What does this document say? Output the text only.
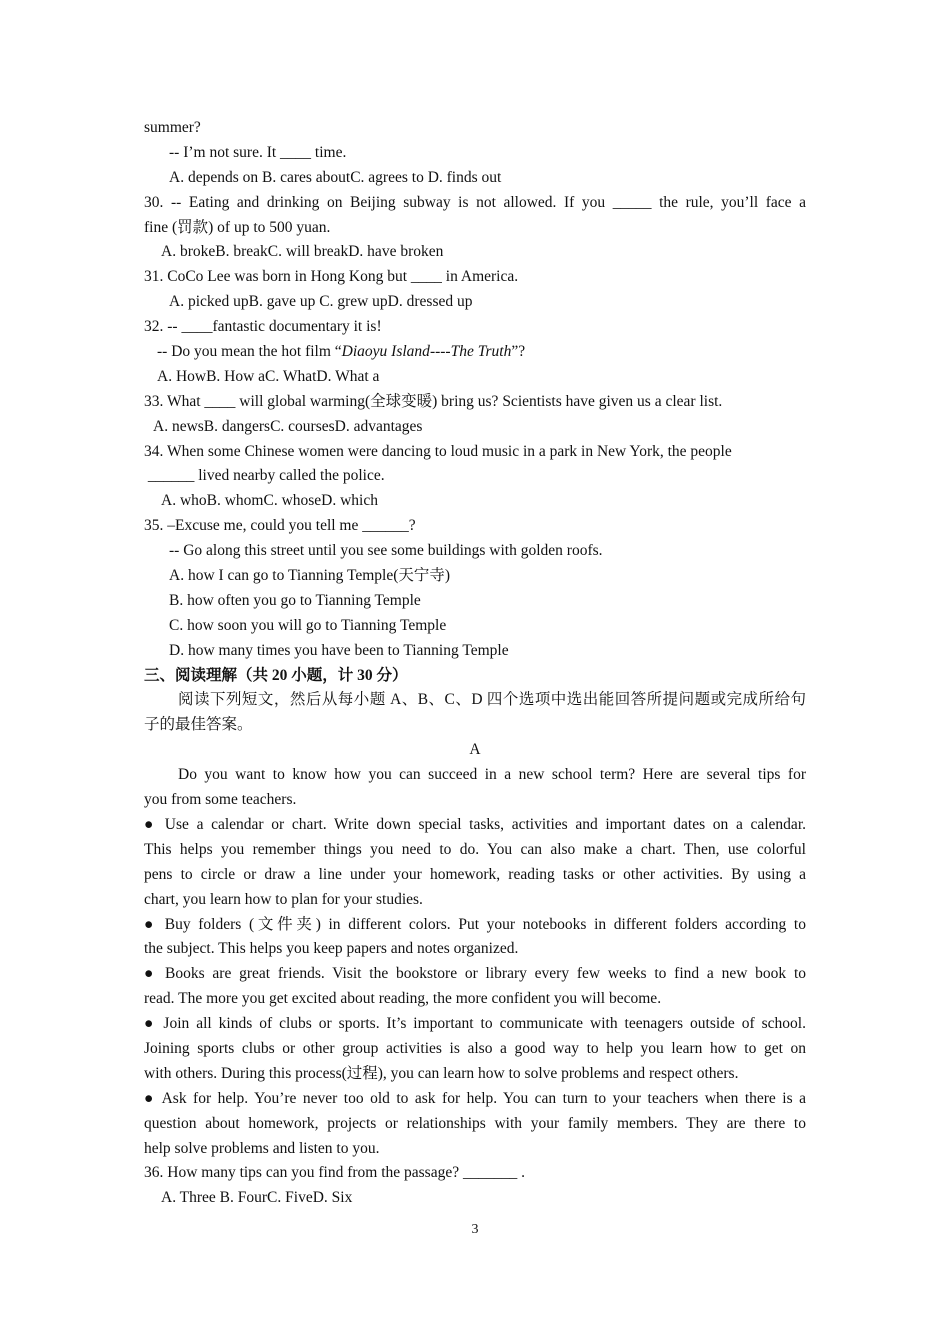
summer?
-- I’m not sure. It ____ time.
A. depends on B. cares aboutC. agrees to D. finds out
30. -- Eating and drinking on Beijing subway is not allowed. If you _____ the rule, you’ll face a
fine (罚款) of up to 500 yuan.
A. brokeB. breakC. will breakD. have broken
31. CoCo Lee was born in Hong Kong but ____ in America.
A. picked upB. gave up C. grew upD. dressed up
32. -- ____fantastic documentary it is!
-- Do you mean the hot film “Diaoyu Island----The Truth”?
A. HowB. How aC. WhatD. What a
33. What ____ will global warming(全球变暖) bring us? Scientists have given us a clear list.
A. newsB. dangersC. coursesD. advantages
34. When some Chinese women were dancing to loud music in a park in New York, the people
______ lived nearby called the police.
A. whoB. whomC. whoseD. which
35. –Excuse me, could you tell me ______?
-- Go along this street until you see some buildings with golden roofs.
A. how I can go to Tianning Temple(天宁寺)
B. how often you go to Tianning Temple
C. how soon you will go to Tianning Temple
D. how many times you have been to Tianning Temple
三、阅读理解（共 20 小题，计 30 分）
阅读下列短文，然后从每小题 A、B、C、D 四个选项中选出能回答所提问题或完成所给句
子的最佳答案。
A
Do you want to know how you can succeed in a new school term? Here are several tips for
you from some teachers.
● Use a calendar or chart. Write down special tasks, activities and important dates on a calendar.
This helps you remember things you need to do. You can also make a chart. Then, use colorful
pens to circle or draw a line under your homework, reading tasks or other activities. By using a
chart, you learn how to plan for your studies.
● Buy folders (文件夹) in different colors. Put your notebooks in different folders according to
the subject. This helps you keep papers and notes organized.
● Books are great friends. Visit the bookstore or library every few weeks to find a new book to
read. The more you get excited about reading, the more confident you will become.
● Join all kinds of clubs or sports. It’s important to communicate with teenagers outside of school.
Joining sports clubs or other group activities is also a good way to help you learn how to get on
with others. During this process(过程), you can learn how to solve problems and respect others.
● Ask for help. You’re never too old to ask for help. You can turn to your teachers when there is a
question about homework, projects or relationships with your family members. They are there to
help solve problems and listen to you.
36. How many tips can you find from the passage? _______ .
A. Three B. FourC. FiveD. Six
3
